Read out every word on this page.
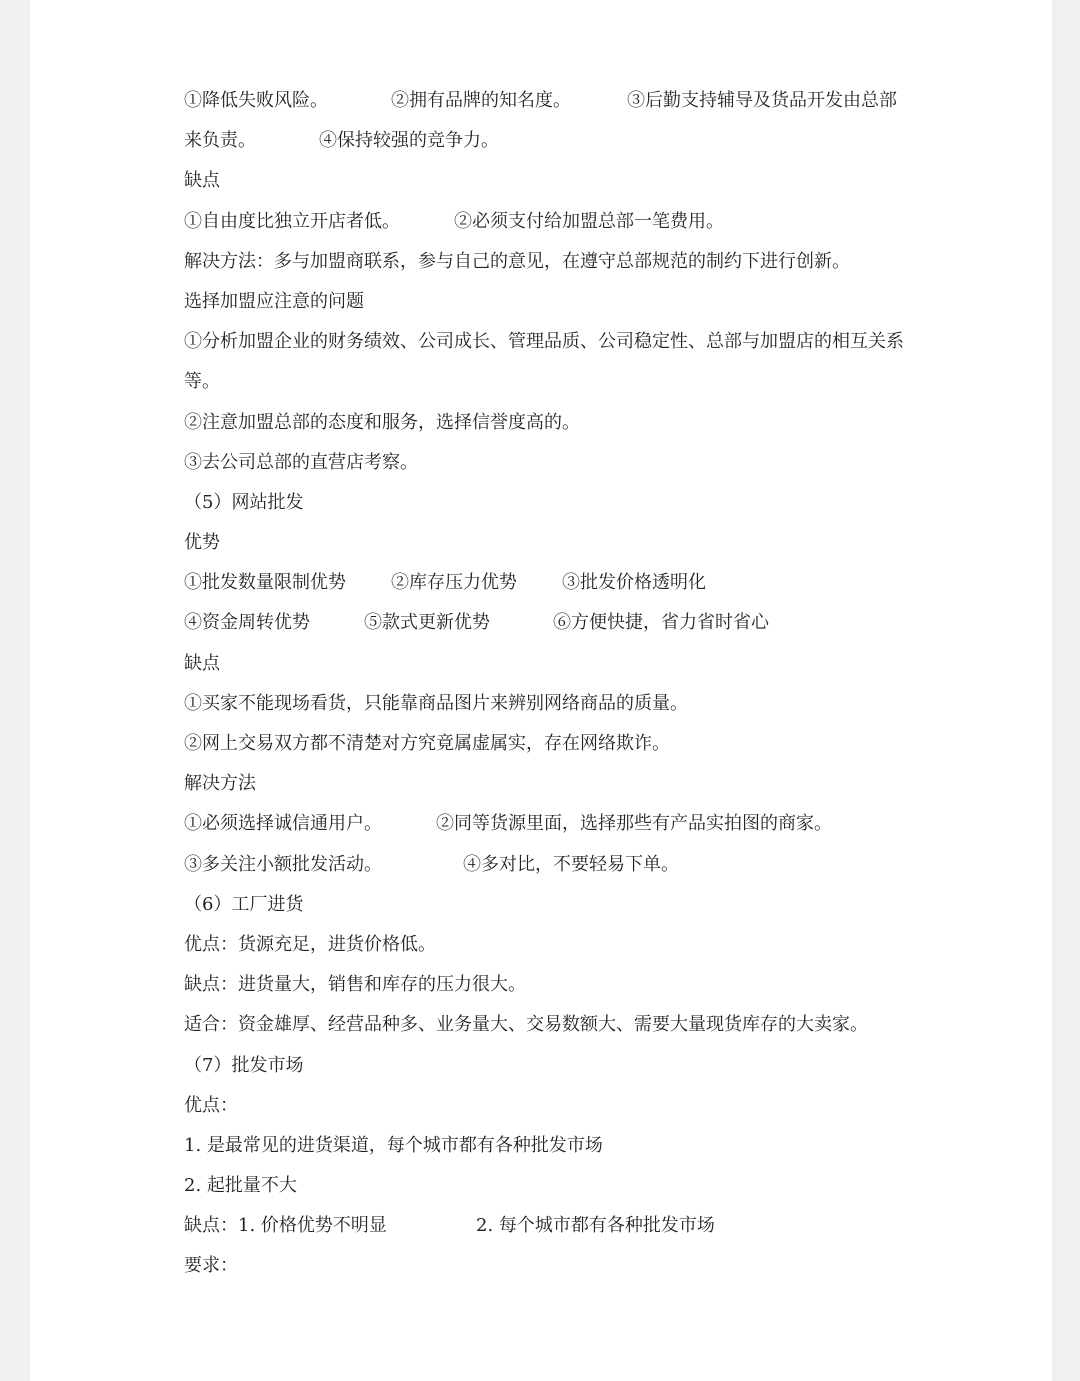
①降低失败风险。	②拥有品牌的知名度。	③后勤支持辅导及货品开发由总部
来负责。	④保持较强的竞争力。
缺点
①自由度比独立开店者低。	②必须支付给加盟总部一笔费用。
解决方法：多与加盟商联系，参与自己的意见，在遵守总部规范的制约下进行创新。
选择加盟应注意的问题
①分析加盟企业的财务绩效、公司成长、管理品质、公司稳定性、总部与加盟店的相互关系
等。
②注意加盟总部的态度和服务，选择信誉度高的。
③去公司总部的直营店考察。
（5）网站批发
优势
①批发数量限制优势	②库存压力优势	③批发价格透明化
④资金周转优势	⑤款式更新优势	⑥方便快捷，省力省时省心
缺点
①买家不能现场看货，只能靠商品图片来辨别网络商品的质量。
②网上交易双方都不清楚对方究竟属虚属实，存在网络欺诈。
解决方法
①必须选择诚信通用户。	②同等货源里面，选择那些有产品实拍图的商家。
③多关注小额批发活动。	④多对比，不要轻易下单。
（6）工厂进货
优点：货源充足，进货价格低。
缺点：进货量大，销售和库存的压力很大。
适合：资金雄厚、经营品种多、业务量大、交易数额大、需要大量现货库存的大卖家。
（7）批发市场
优点：
1. 是最常见的进货渠道，每个城市都有各种批发市场
2. 起批量不大
缺点：1. 价格优势不明显	2. 每个城市都有各种批发市场
要求：
